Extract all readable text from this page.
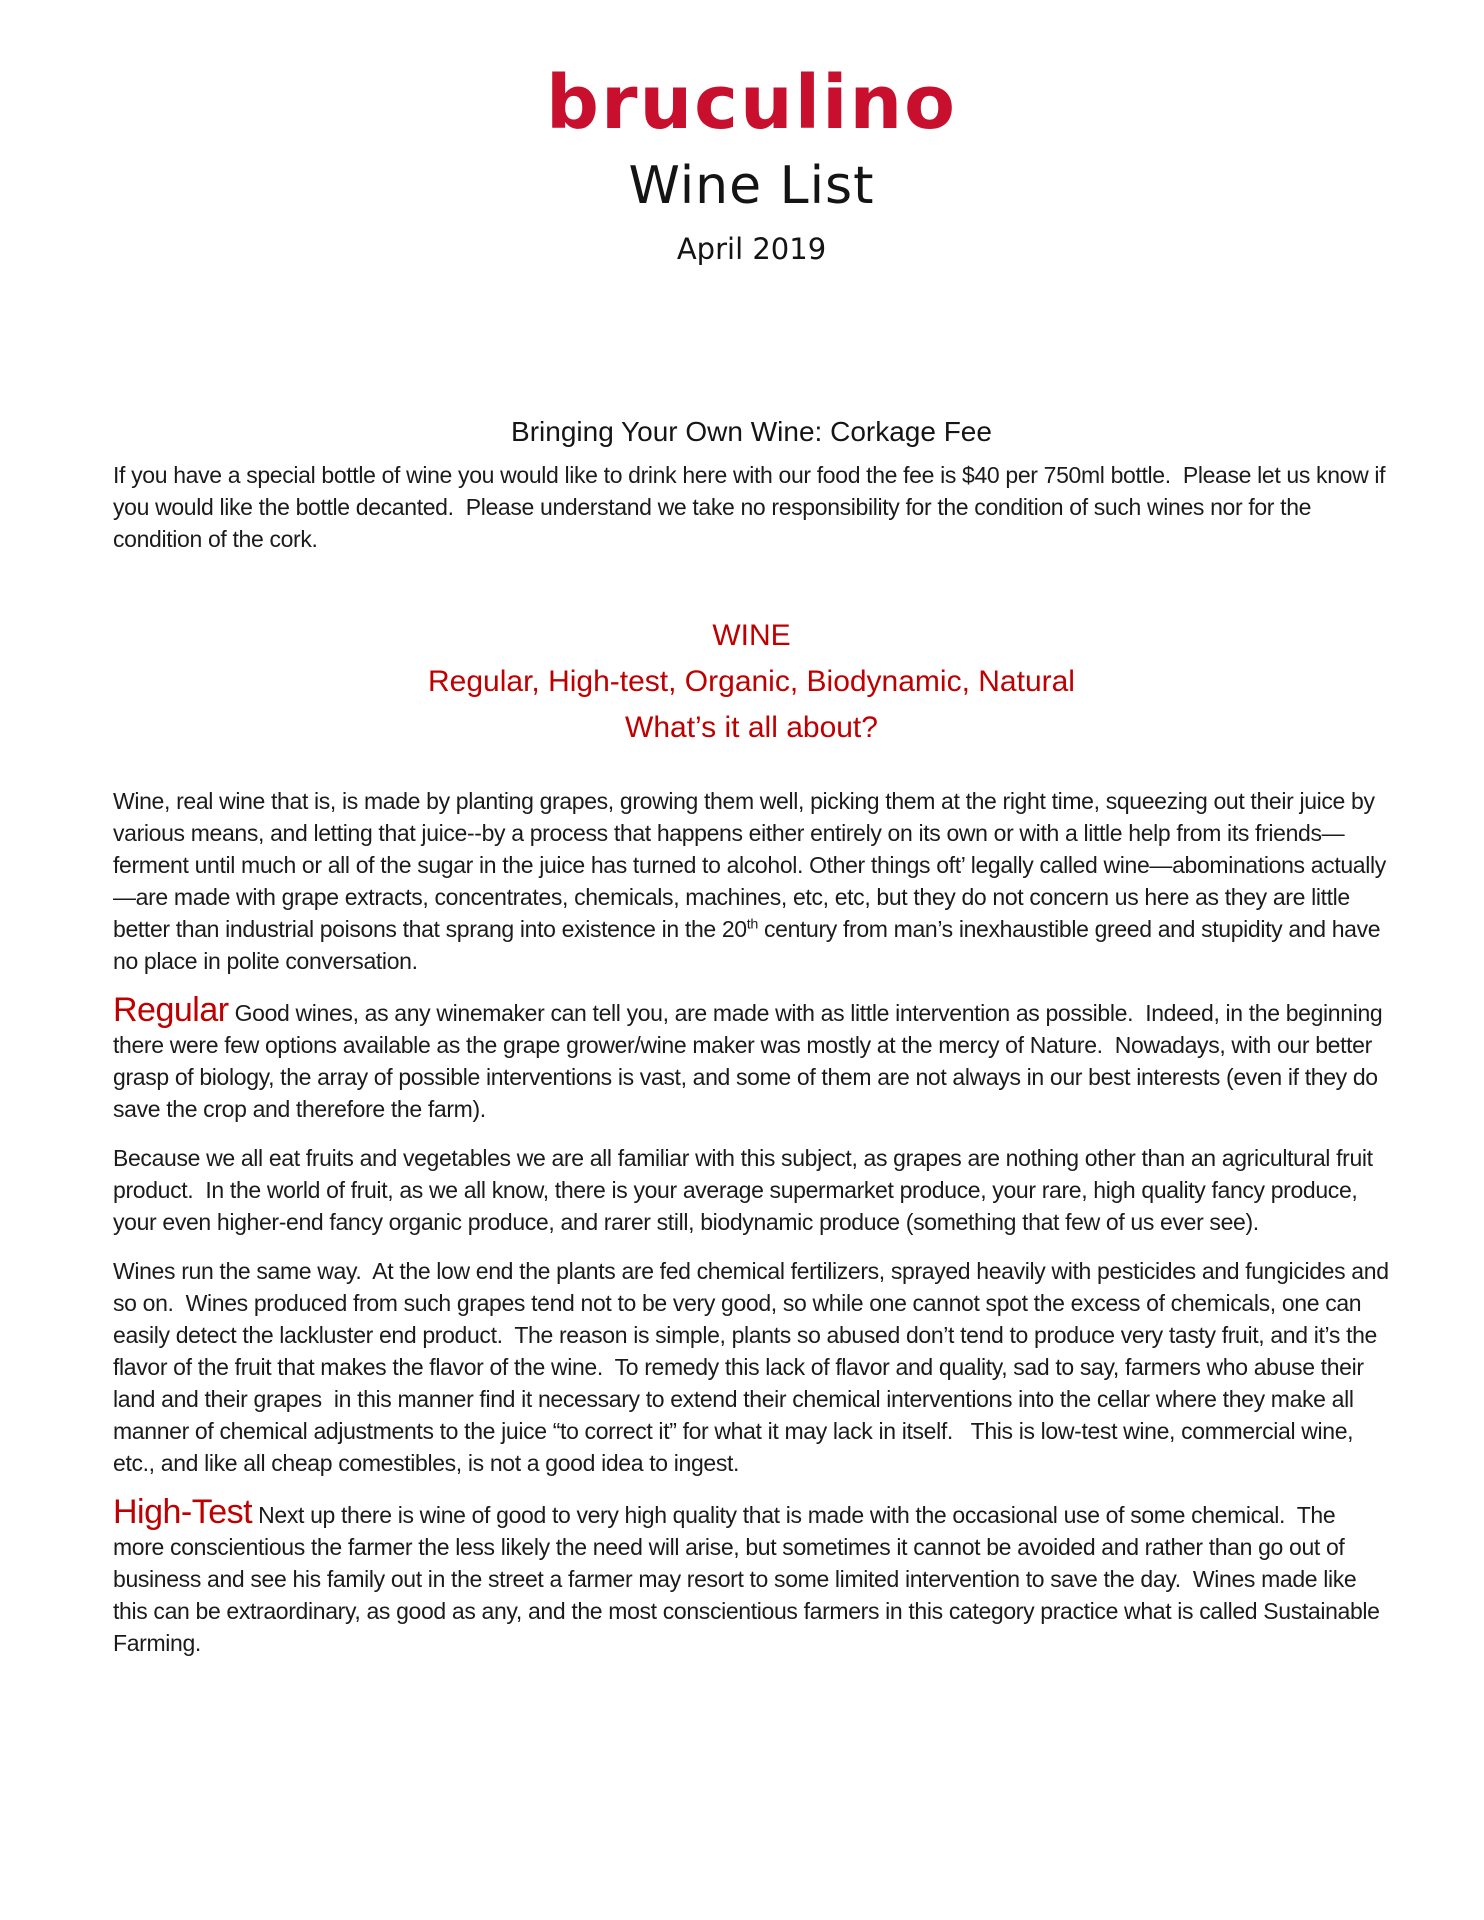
bruculino
Wine List
April 2019
Bringing Your Own Wine: Corkage Fee

If you have a special bottle of wine you would like to drink here with our food the fee is $40 per 750ml bottle.  Please let us know if you would like the bottle decanted.  Please understand we take no responsibility for the condition of such wines nor for the condition of the cork.

WINE
Regular, High-test, Organic, Biodynamic, Natural
What’s it all about?

Wine, real wine that is, is made by planting grapes, growing them well, picking them at the right time, squeezing out their juice by various means, and letting that juice--by a process that happens either entirely on its own or with a little help from its friends—ferment until much or all of the sugar in the juice has turned to alcohol. Other things oft’ legally called wine—abominations actually—are made with grape extracts, concentrates, chemicals, machines, etc, etc, but they do not concern us here as they are little better than industrial poisons that sprang into existence in the 20th century from man’s inexhaustible greed and stupidity and have no place in polite conversation.

Regular Good wines, as any winemaker can tell you, are made with as little intervention as possible.  Indeed, in the beginning there were few options available as the grape grower/wine maker was mostly at the mercy of Nature.  Nowadays, with our better grasp of biology, the array of possible interventions is vast, and some of them are not always in our best interests (even if they do save the crop and therefore the farm).

Because we all eat fruits and vegetables we are all familiar with this subject, as grapes are nothing other than an agricultural fruit product.  In the world of fruit, as we all know, there is your average supermarket produce, your rare, high quality fancy produce, your even higher-end fancy organic produce, and rarer still, biodynamic produce (something that few of us ever see).

Wines run the same way.  At the low end the plants are fed chemical fertilizers, sprayed heavily with pesticides and fungicides and so on.  Wines produced from such grapes tend not to be very good, so while one cannot spot the excess of chemicals, one can easily detect the lackluster end product.  The reason is simple, plants so abused don’t tend to produce very tasty fruit, and it’s the flavor of the fruit that makes the flavor of the wine.  To remedy this lack of flavor and quality, sad to say, farmers who abuse their land and their grapes  in this manner find it necessary to extend their chemical interventions into the cellar where they make all manner of chemical adjustments to the juice “to correct it” for what it may lack in itself.   This is low-test wine, commercial wine, etc., and like all cheap comestibles, is not a good idea to ingest.

High-Test Next up there is wine of good to very high quality that is made with the occasional use of some chemical.  The more conscientious the farmer the less likely the need will arise, but sometimes it cannot be avoided and rather than go out of business and see his family out in the street a farmer may resort to some limited intervention to save the day.  Wines made like this can be extraordinary, as good as any, and the most conscientious farmers in this category practice what is called Sustainable Farming.
